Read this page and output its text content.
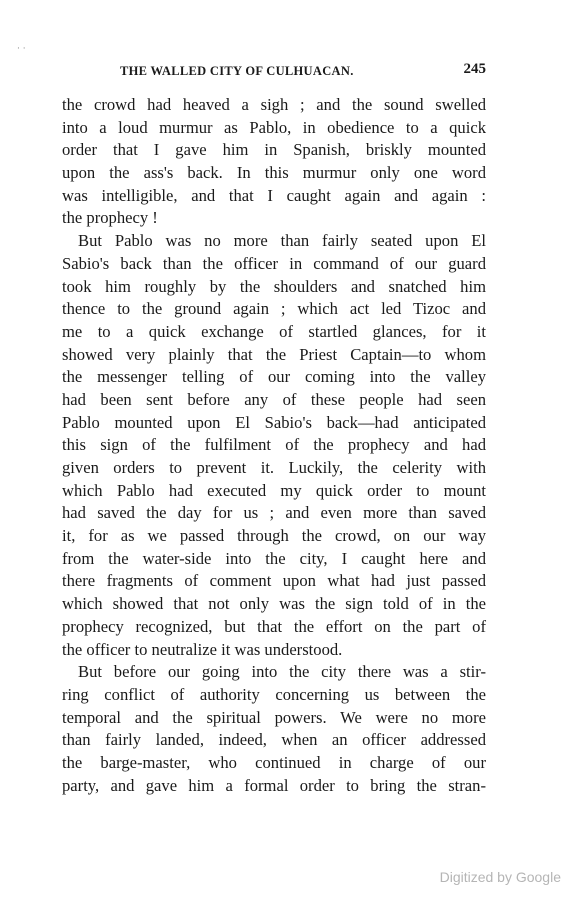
· ·
THE WALLED CITY OF CULHUACAN.	245
the crowd had heaved a sigh ; and the sound swelled
into a loud murmur as Pablo, in obedience to a quick
order that I gave him in Spanish, briskly mounted
upon the ass's back. In this murmur only one word
was intelligible, and that I caught again and again :
the prophecy !
But Pablo was no more than fairly seated upon El
Sabio's back than the officer in command of our guard
took him roughly by the shoulders and snatched him
thence to the ground again ; which act led Tizoc and
me to a quick exchange of startled glances, for it
showed very plainly that the Priest Captain—to whom
the messenger telling of our coming into the valley
had been sent before any of these people had seen
Pablo mounted upon El Sabio's back—had anticipated
this sign of the fulfilment of the prophecy and had
given orders to prevent it. Luckily, the celerity with
which Pablo had executed my quick order to mount
had saved the day for us ; and even more than saved
it, for as we passed through the crowd, on our way
from the water-side into the city, I caught here and
there fragments of comment upon what had just passed
which showed that not only was the sign told of in the
prophecy recognized, but that the effort on the part of
the officer to neutralize it was understood.
But before our going into the city there was a stir-
ring conflict of authority concerning us between the
temporal and the spiritual powers. We were no more
than fairly landed, indeed, when an officer addressed
the barge-master, who continued in charge of our
party, and gave him a formal order to bring the stran-
Digitized by Google
